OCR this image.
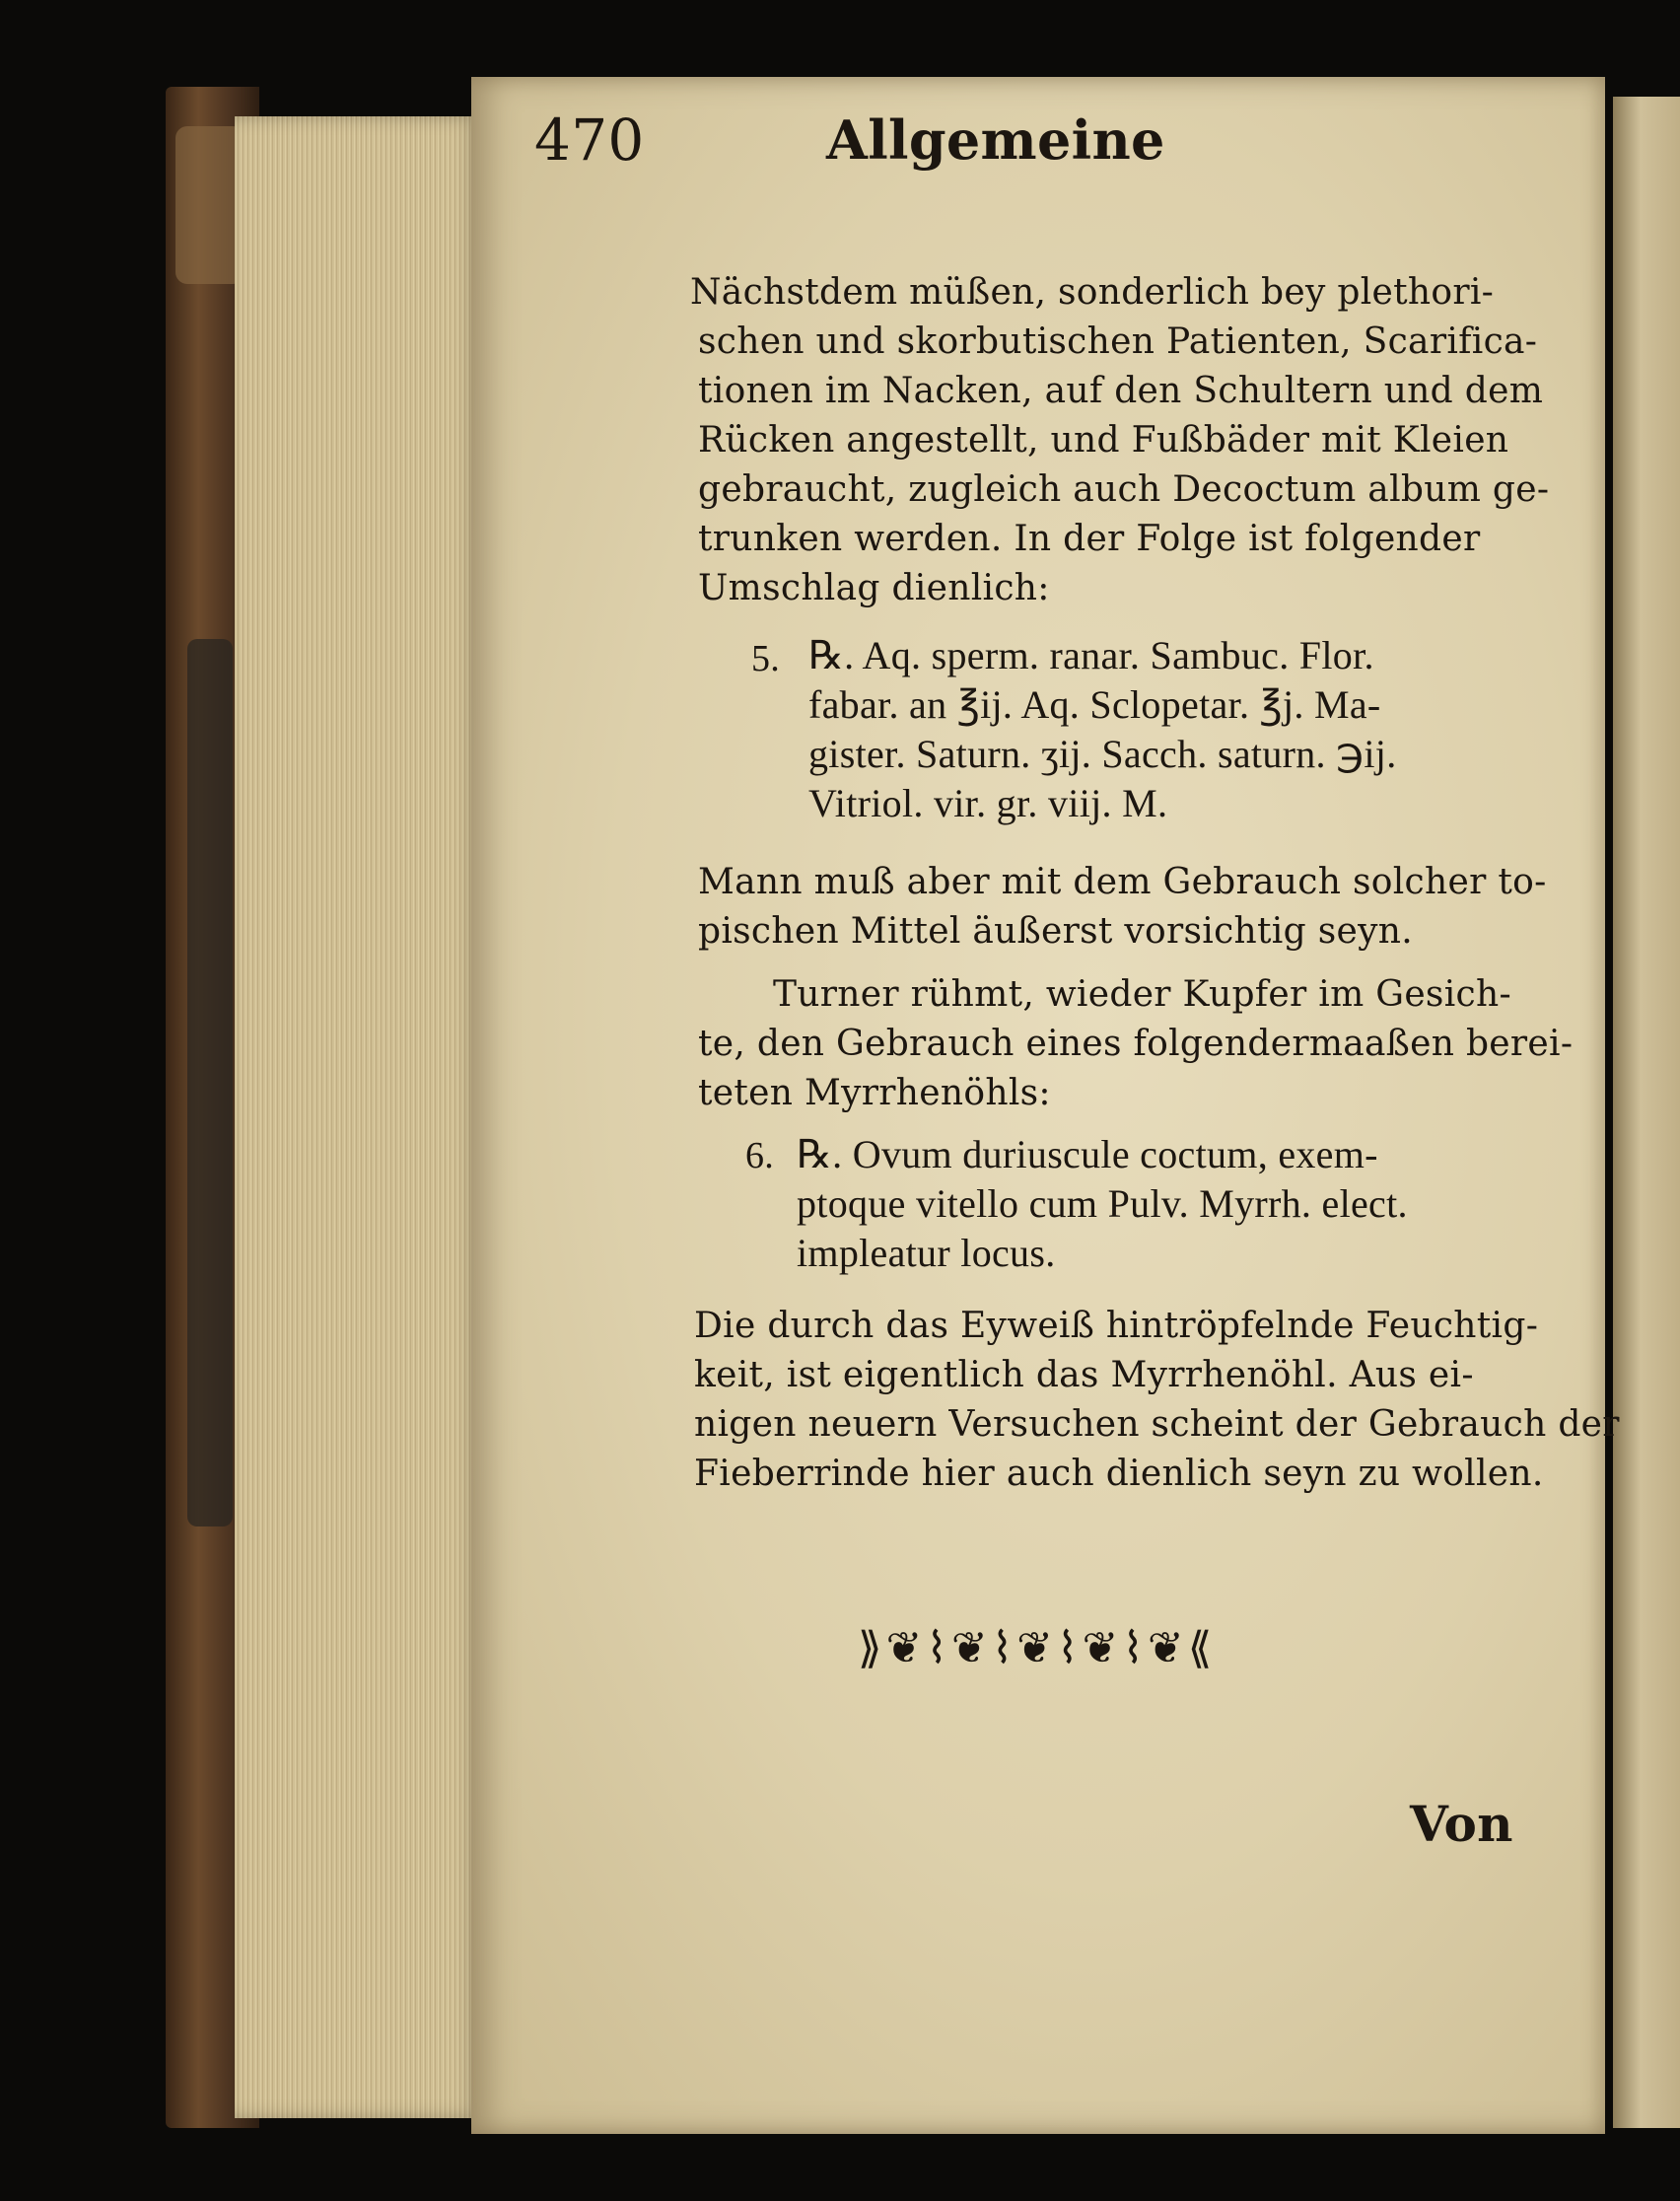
470	Allgemeine
Nächstdem müßen, sonderlich bey plethori-
schen und skorbutischen Patienten, Scarifica-
tionen im Nacken, auf den Schultern und dem
Rücken angestellt, und Fußbäder mit Kleien
gebraucht, zugleich auch Decoctum album ge-
trunken werden. In der Folge ist folgender
Umschlag dienlich:
5. ℞. Aq. sperm. ranar. Sambuc. Flor.
fabar. an ℥ij. Aq. Sclopetar. ℥j. Ma-
gister. Saturn. ʒij. Sacch. saturn. ℈ij.
Vitriol. vir. gr. viij. M.
Mann muß aber mit dem Gebrauch solcher to-
pischen Mittel äußerst vorsichtig seyn.
Turner rühmt, wieder Kupfer im Gesich-
te, den Gebrauch eines folgendermaaßen berei-
teten Myrrhenöhls:
6. ℞. Ovum duriuscule coctum, exem-
ptoque vitello cum Pulv. Myrrh. elect.
impleatur locus.
Die durch das Eyweiß hintröpfelnde Feuchtig-
keit, ist eigentlich das Myrrhenöhl. Aus ei-
nigen neuern Versuchen scheint der Gebrauch der
Fieberrinde hier auch dienlich seyn zu wollen.
⟫❦⌇❦⌇❦⌇❦⌇❦⟪
Von
